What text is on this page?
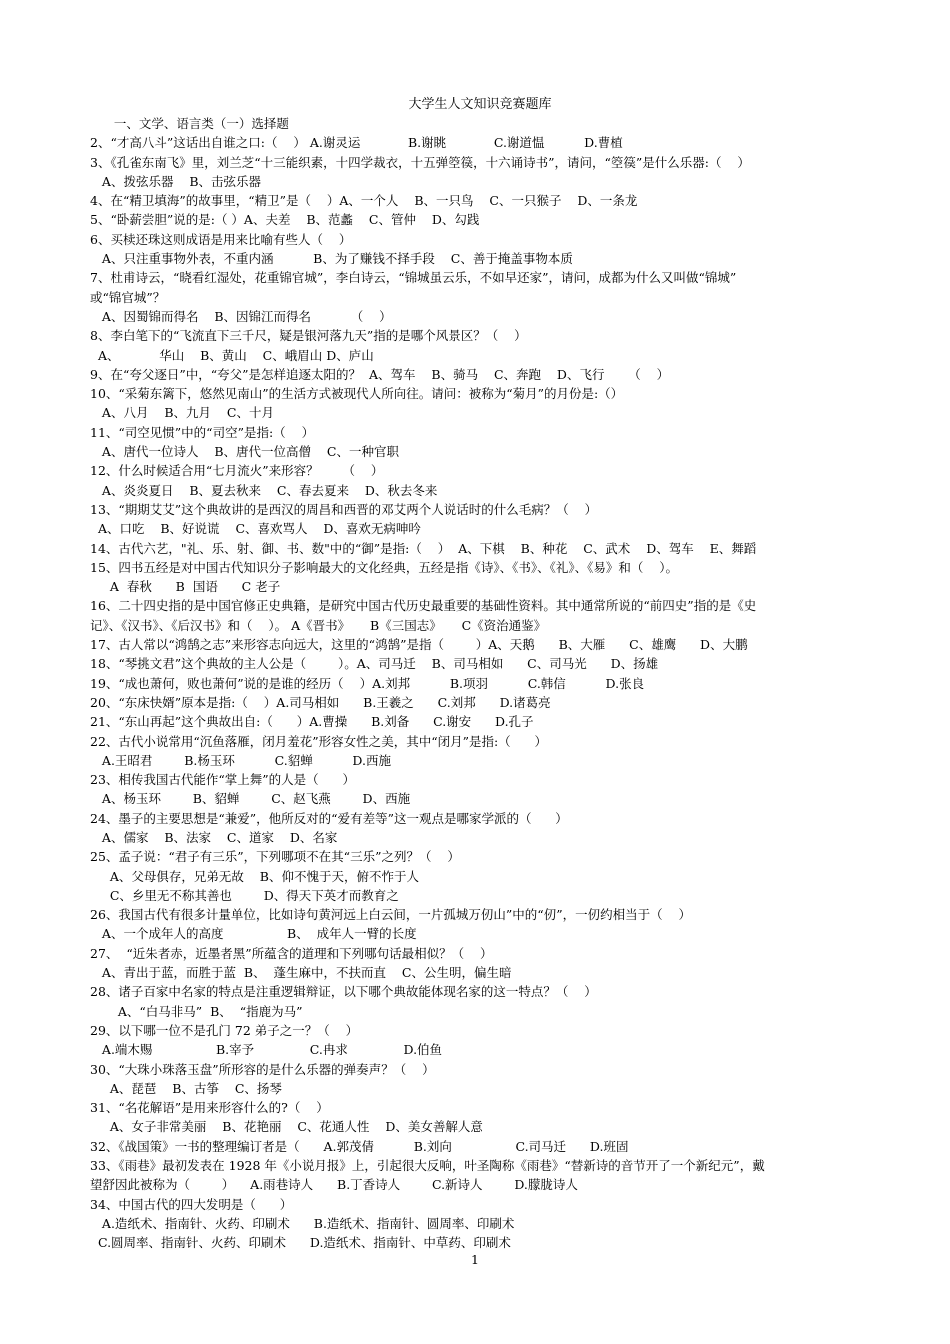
大学生人文知识竞赛题库
一、文学、语言类（一）选择题
2、“才高八斗”这话出自谁之口:（    ） A.谢灵运            B.谢眺            C.谢道愠          D.曹植
3、《孔雀东南飞》里，刘兰芝“十三能织素，十四学裁衣，十五弹箜篌，十六诵诗书”，请问，“箜篌”是什么乐器:（    ）
A、拨弦乐器    B、击弦乐器
4、在“精卫填海”的故事里，“精卫”是（    ）A、一个人    B、一只鸟    C、一只猴子    D、一条龙
5、“卧薪尝胆”说的是:（ ）A、夫差    B、范蠡    C、管仲    D、勾践
6、买椟还珠这则成语是用来比喻有些人（    ）
A、只注重事物外表，不重内涵          B、为了赚钱不择手段    C、善于掩盖事物本质
7、杜甫诗云，“晓看红湿处，花重锦官城”，李白诗云，“锦城虽云乐，不如早还家”，请问，成都为什么又叫做“锦城”
或“锦官城”？
A、因蜀锦而得名    B、因锦江而得名          （    ）
8、李白笔下的“飞流直下三千尺，疑是银河落九天”指的是哪个风景区？（    ）
A、          华山    B、黄山    C、峨眉山 D、庐山
9、在“夸父逐日”中，“夸父”是怎样追逐太阳的？  A、驾车    B、骑马    C、奔跑    D、飞行      （    ）
10、“采菊东篱下，悠然见南山”的生活方式被现代人所向往。请问：被称为“菊月”的月份是:（）
A、八月    B、九月    C、十月
11、“司空见惯”中的“司空”是指:（    ）
A、唐代一位诗人    B、唐代一位高僧    C、一种官职
12、什么时候适合用“七月流火”来形容？      （    ）
A、炎炎夏日    B、夏去秋来    C、春去夏来    D、秋去冬来
13、“期期艾艾”这个典故讲的是西汉的周昌和西晋的邓艾两个人说话时的什么毛病？（    ）
A、口吃    B、好说谎    C、喜欢骂人    D、喜欢无病呻吟
14、古代六艺，"礼、乐、射、御、书、数"中的“御”是指:（    ）  A、下棋    B、种花    C、武术    D、驾车    E、舞蹈
15、四书五经是对中国古代知识分子影响最大的文化经典，五经是指《诗》、《书》、《礼》、《易》和（    ）。
A  春秋      B  国语      C 老子
16、二十四史指的是中国官修正史典籍，是研究中国古代历史最重要的基础性资料。其中通常所说的“前四史”指的是《史
记》、《汉书》、《后汉书》和（    ）。 A《晋书》     B《三国志》     C《资治通鉴》
17、古人常以“鸿鹄之志”来形容志向远大，这里的“鸿鹄”是指（        ）A、天鹅      B、大雁      C、雄鹰      D、大鹏
18、“琴挑文君”这个典故的主人公是（        ）。A、司马迁    B、司马相如      C、司马光      D、扬雄
19、“成也萧何，败也萧何”说的是谁的经历（    ）A.刘邦          B.项羽          C.韩信          D.张良
20、“东床快婿”原本是指:（    ）A.司马相如      B.王羲之      C.刘邦      D.诸葛亮
21、“东山再起”这个典故出自:（      ）A.曹操      B.刘备      C.谢安      D.孔子
22、古代小说常用“沉鱼落雁，闭月羞花”形容女性之美，其中“闭月”是指:（      ）
A.王昭君        B.杨玉环          C.貂蝉          D.西施
23、相传我国古代能作“掌上舞”的人是（      ）
A、杨玉环        B、貂蝉        C、赵飞燕        D、西施
24、墨子的主要思想是“兼爱”，他所反对的“爱有差等”这一观点是哪家学派的（      ）
A、儒家    B、法家    C、道家    D、名家
25、孟子说：“君子有三乐”，下列哪项不在其“三乐”之列？（    ）
A、父母俱存，兄弟无故    B、仰不愧于天，俯不怍于人
C、乡里无不称其善也        D、得天下英才而教育之
26、我国古代有很多计量单位，比如诗句黄河远上白云间，一片孤城万仞山”中的“仞”，一仞约相当于（    ）
A、一个成年人的高度                B、  成年人一臂的长度
27、  “近朱者赤，近墨者黑”所蕴含的道理和下列哪句话最相似？（    ）
A、青出于蓝，而胜于蓝  B、  蓬生麻中，不扶而直    C、公生明，偏生暗
28、诸子百家中名家的特点是注重逻辑辩证，以下哪个典故能体现名家的这一特点？（    ）
A、“白马非马”  B、  “指鹿为马”
29、以下哪一位不是孔门 72 弟子之一？（    ）
A.端木赐                B.宰予              C.冉求              D.伯鱼
30、“大珠小珠落玉盘”所形容的是什么乐器的弹奏声？（    ）
A、琵琶    B、古筝    C、扬琴
31、“名花解语”是用来形容什么的?（    ）
A、女子非常美丽    B、花艳丽    C、花通人性    D、美女善解人意
32、《战国策》一书的整理编订者是（      A.郭茂倩          B.刘向                C.司马迁      D.班固
33、《雨巷》最初发表在 1928 年《小说月报》上，引起很大反响，叶圣陶称《雨巷》“替新诗的音节开了一个新纪元”，戴
望舒因此被称为（        ）    A.雨巷诗人      B.丁香诗人        C.新诗人        D.朦胧诗人
34、中国古代的四大发明是（      ）
A.造纸术、指南针、火药、印刷术      B.造纸术、指南针、圆周率、印刷术
C.圆周率、指南针、火药、印刷术      D.造纸术、指南针、中草药、印刷术
1
